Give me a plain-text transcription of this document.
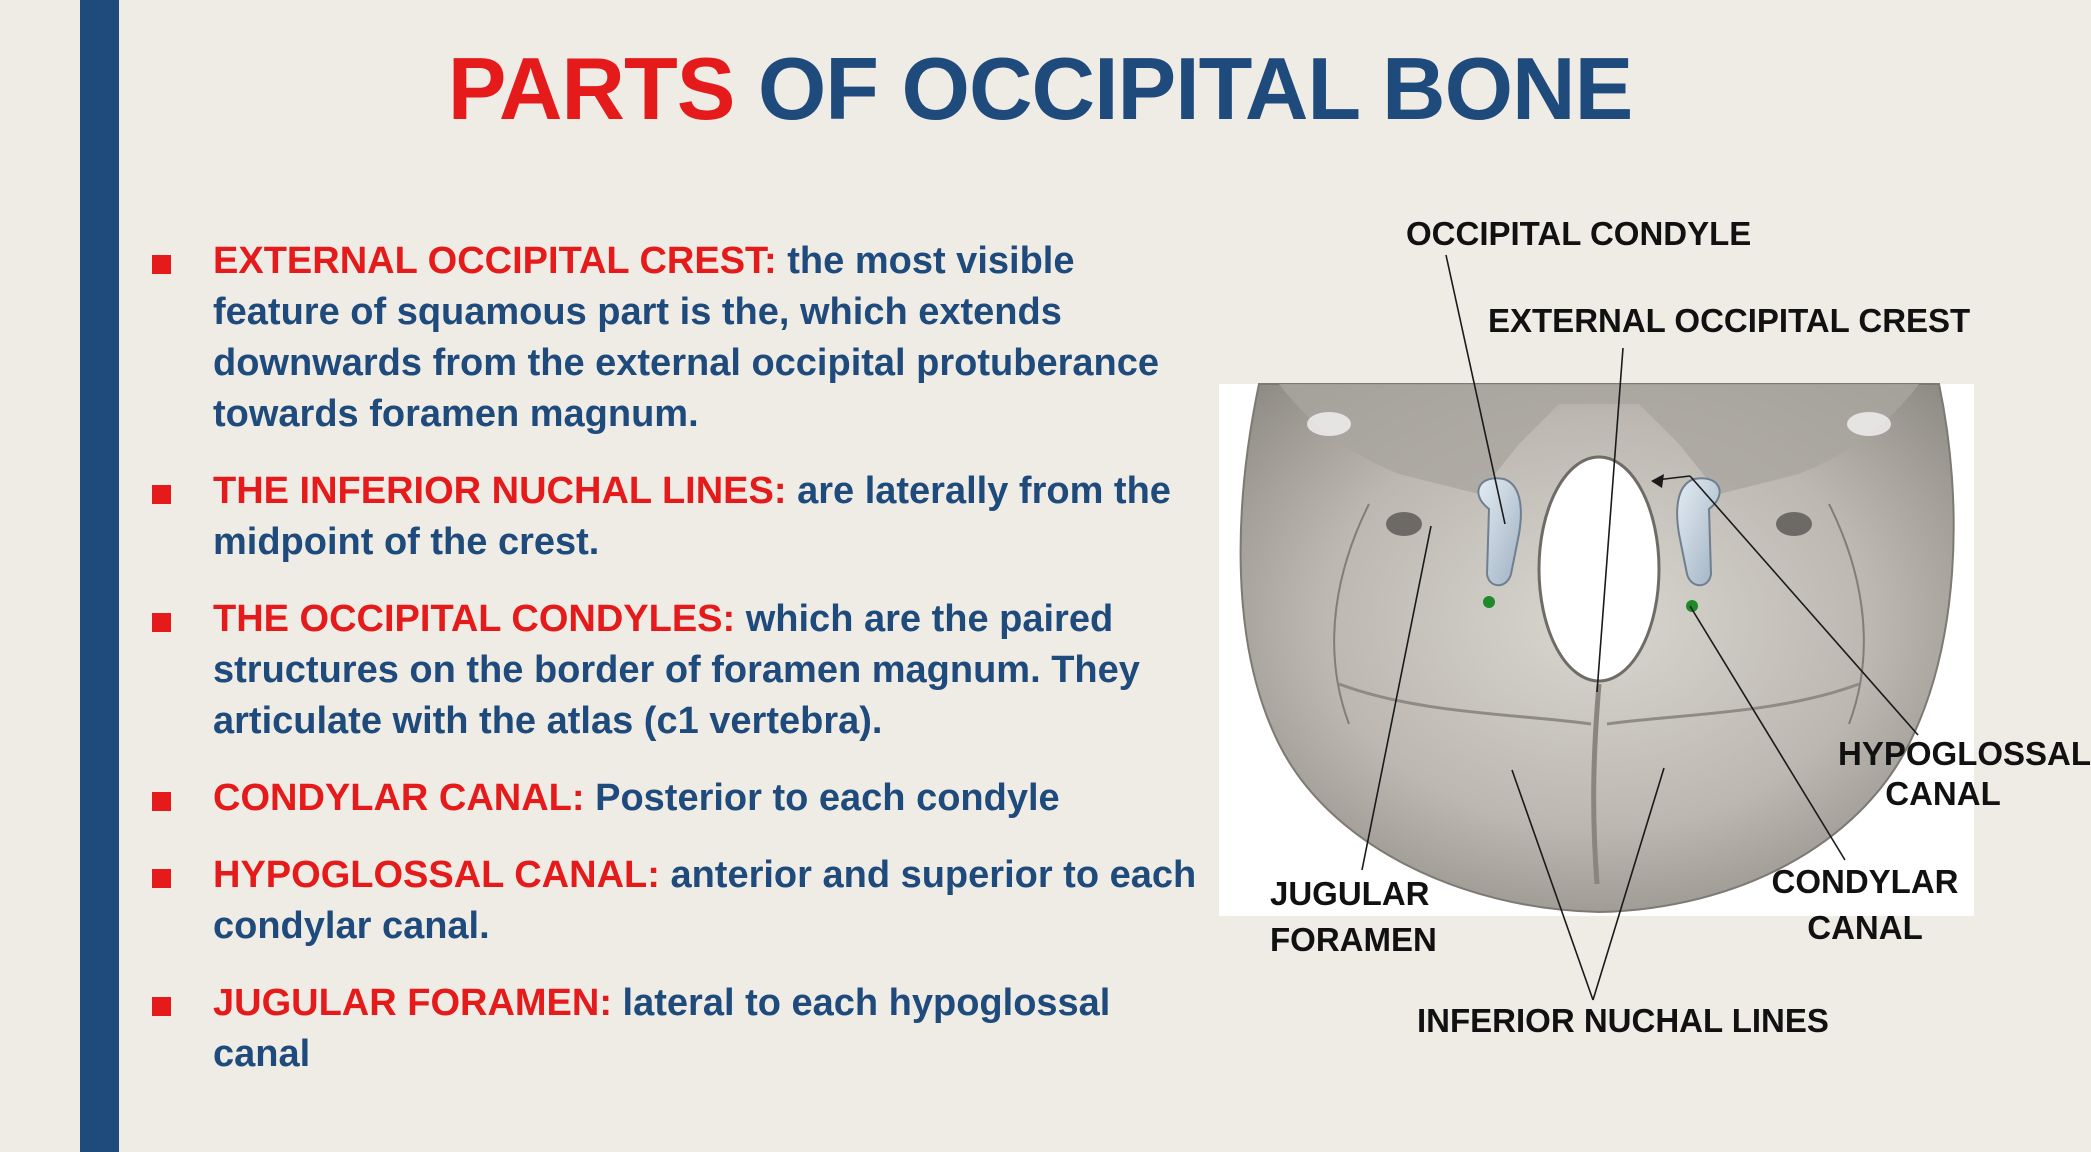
PARTS OF OCCIPITAL BONE
EXTERNAL OCCIPITAL CREST: the most visible feature of squamous part is the, which extends downwards from the external occipital protuberance towards foramen magnum.
THE INFERIOR NUCHAL LINES: are laterally from the midpoint of the crest.
THE OCCIPITAL CONDYLES: which are the paired structures on the border of foramen magnum. They articulate with the atlas (c1 vertebra).
CONDYLAR CANAL: Posterior to each condyle
HYPOGLOSSAL CANAL: anterior and superior to each condylar canal.
JUGULAR FORAMEN: lateral to each hypoglossal canal
OCCIPITAL CONDYLE
EXTERNAL OCCIPITAL CREST
HYPOGLOSSAL
CANAL
CONDYLAR
CANAL
JUGULAR
FORAMEN
INFERIOR NUCHAL LINES
